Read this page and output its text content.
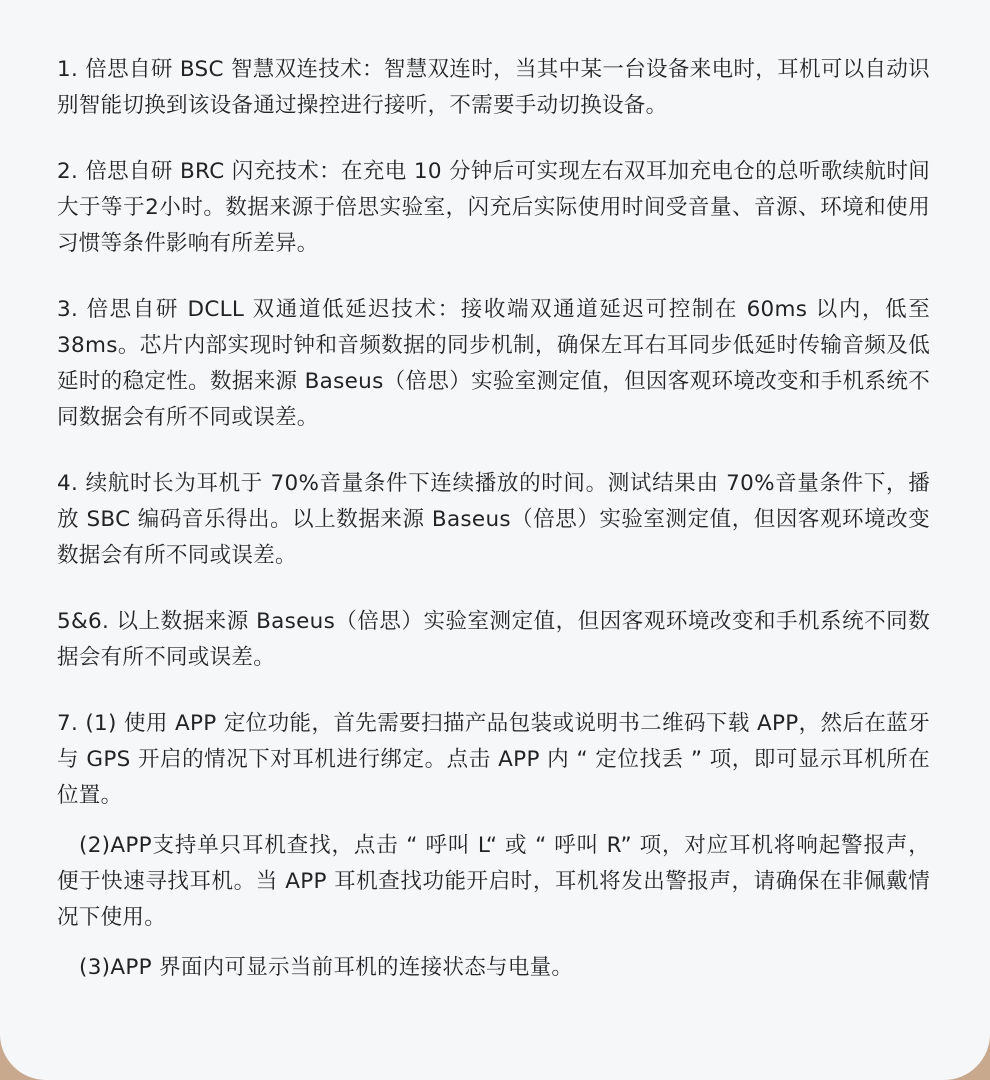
1. 倍思自研 BSC 智慧双连技术：智慧双连时，当其中某一台设备来电时，耳机可以自动识别智能切换到该设备通过操控进行接听，不需要手动切换设备。

2. 倍思自研 BRC 闪充技术：在充电 10 分钟后可实现左右双耳加充电仓的总听歌续航时间大于等于2小时。数据来源于倍思实验室，闪充后实际使用时间受音量、音源、环境和使用习惯等条件影响有所差异。

3. 倍思自研 DCLL 双通道低延迟技术：接收端双通道延迟可控制在 60ms 以内，低至 38ms。芯片内部实现时钟和音频数据的同步机制，确保左耳右耳同步低延时传输音频及低延时的稳定性。数据来源 Baseus（倍思）实验室测定值，但因客观环境改变和手机系统不同数据会有所不同或误差。

4. 续航时长为耳机于 70%音量条件下连续播放的时间。测试结果由 70%音量条件下，播放 SBC 编码音乐得出。以上数据来源 Baseus（倍思）实验室测定值，但因客观环境改变数据会有所不同或误差。

5&6. 以上数据来源 Baseus（倍思）实验室测定值，但因客观环境改变和手机系统不同数据会有所不同或误差。

7. (1) 使用 APP 定位功能，首先需要扫描产品包装或说明书二维码下载 APP，然后在蓝牙与 GPS 开启的情况下对耳机进行绑定。点击 APP 内 “ 定位找丢 ” 项，即可显示耳机所在位置。

(2)APP支持单只耳机查找，点击 “ 呼叫 L“ 或 “ 呼叫 R” 项，对应耳机将响起警报声，便于快速寻找耳机。当 APP 耳机查找功能开启时，耳机将发出警报声，请确保在非佩戴情况下使用。

(3)APP 界面内可显示当前耳机的连接状态与电量。
